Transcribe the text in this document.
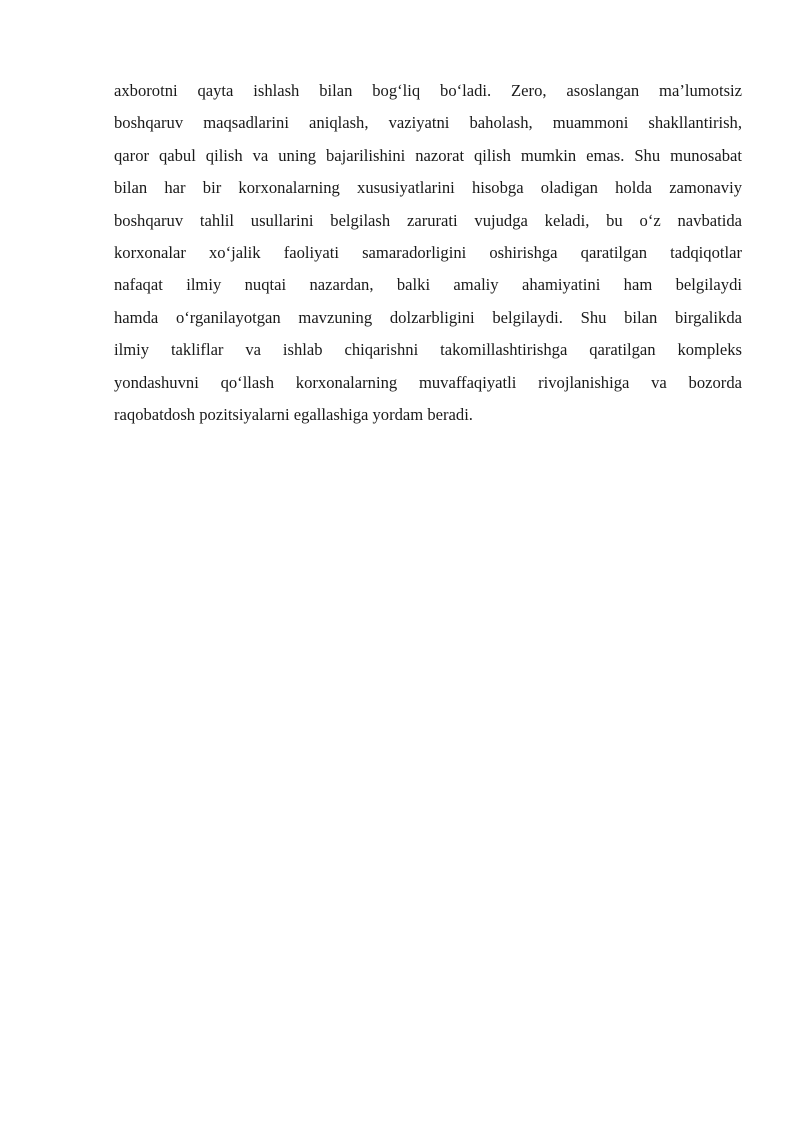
axborotni qayta ishlash bilan bog‘liq bo‘ladi. Zero, asoslangan ma’lumotsiz
boshqaruv maqsadlarini aniqlash, vaziyatni baholash, muammoni shakllantirish,
qaror qabul qilish va uning bajarilishini nazorat qilish mumkin emas. Shu munosabat
bilan har bir korxonalarning xususiyatlarini hisobga oladigan holda zamonaviy
boshqaruv tahlil usullarini belgilash zarurati vujudga keladi, bu o‘z navbatida
korxonalar xo‘jalik faoliyati samaradorligini oshirishga qaratilgan tadqiqotlar
nafaqat ilmiy nuqtai nazardan, balki amaliy ahamiyatini ham belgilaydi
hamda o‘rganilayotgan mavzuning dolzarbligini belgilaydi. Shu bilan birgalikda
ilmiy takliflar va ishlab chiqarishni takomillashtirishga qaratilgan kompleks
yondashuvni qo‘llash korxonalarning muvaffaqiyatli rivojlanishiga va bozorda
raqobatdosh pozitsiyalarni egallashiga yordam beradi.
